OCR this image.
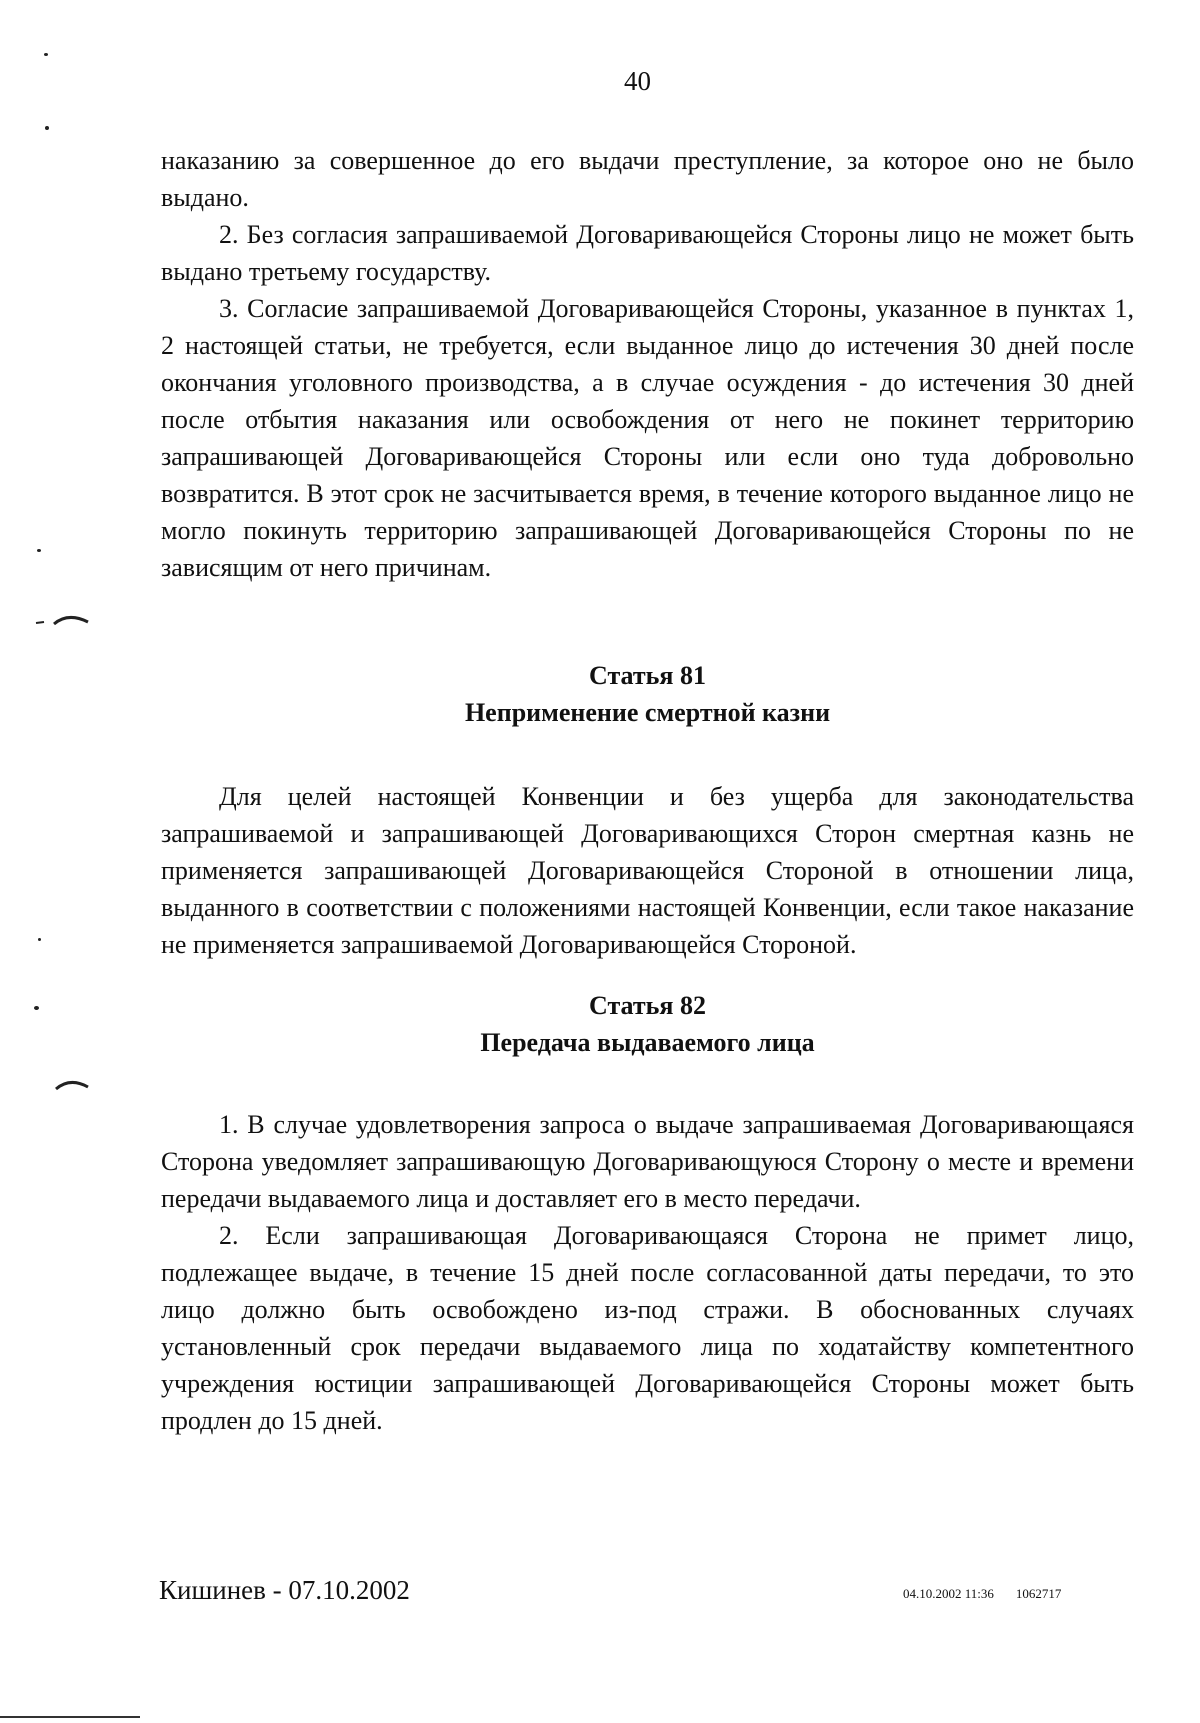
40

наказанию за совершенное до его выдачи преступление, за которое оно не было выдано.

2. Без согласия запрашиваемой Договаривающейся Стороны лицо не может быть выдано третьему государству.

3. Согласие запрашиваемой Договаривающейся Стороны, указанное в пунктах 1, 2 настоящей статьи, не требуется, если выданное лицо до истечения 30 дней после окончания уголовного производства, а в случае осуждения - до истечения 30 дней после отбытия наказания или освобождения от него не покинет территорию запрашивающей Договаривающейся Стороны или если оно туда добровольно возвратится. В этот срок не засчитывается время, в течение которого выданное лицо не могло покинуть территорию запрашивающей Договаривающейся Стороны по не зависящим от него причинам.

Статья 81
Неприменение смертной казни

Для целей настоящей Конвенции и без ущерба для законодательства запрашиваемой и запрашивающей Договаривающихся Сторон смертная казнь не применяется запрашивающей Договаривающейся Стороной в отношении лица, выданного в соответствии с положениями настоящей Конвенции, если такое наказание не применяется запрашиваемой Договаривающейся Стороной.

Статья 82
Передача выдаваемого лица

1. В случае удовлетворения запроса о выдаче запрашиваемая Договаривающаяся Сторона уведомляет запрашивающую Договаривающуюся Сторону о месте и времени передачи выдаваемого лица и доставляет его в место передачи.

2. Если запрашивающая Договаривающаяся Сторона не примет лицо, подлежащее выдаче, в течение 15 дней после согласованной даты передачи, то это лицо должно быть освобождено из-под стражи. В обоснованных случаях установленный срок передачи выдаваемого лица по ходатайству компетентного учреждения юстиции запрашивающей Договаривающейся Стороны может быть продлен до 15 дней.

Кишинев - 07.10.2002	04.10.2002 11:36 1062717
